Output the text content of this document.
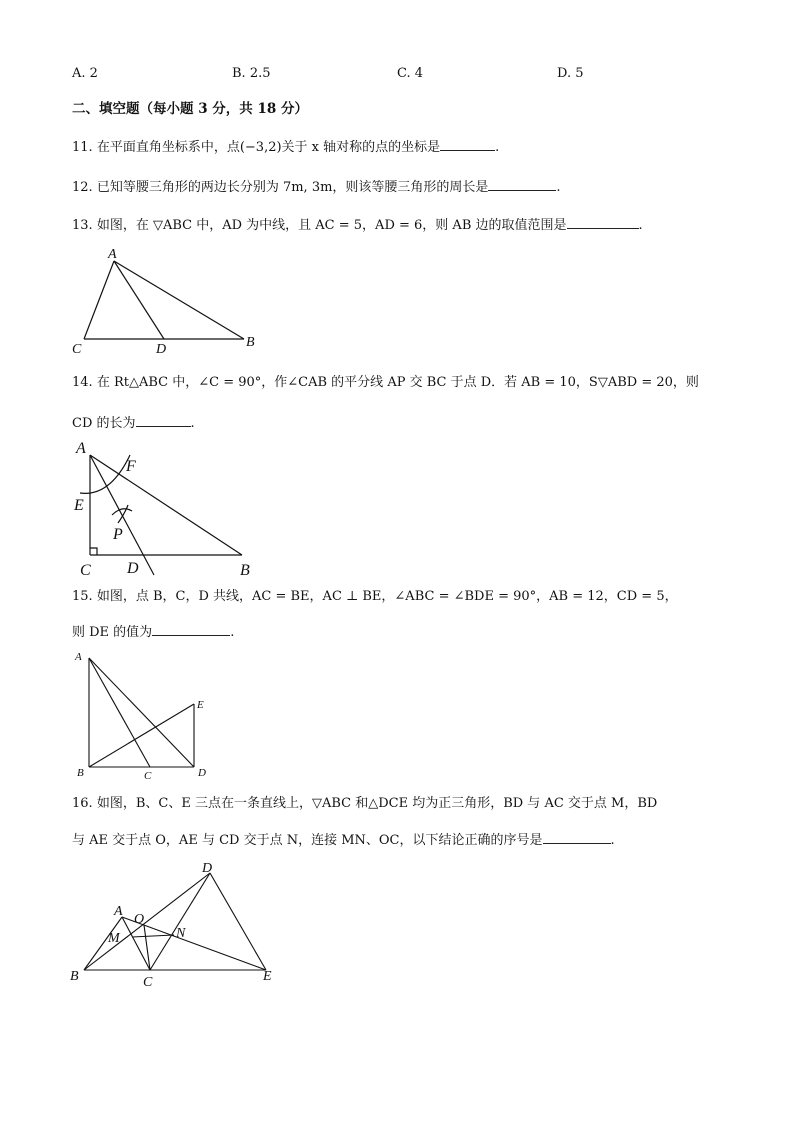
A. 2	B. 2.5	C. 4	D. 5
二、填空题（每小题 3 分，共 18 分）
11. 在平面直角坐标系中，点(−3,2)关于 x 轴对称的点的坐标是	.
12. 已知等腰三角形的两边长分别为 7m, 3m，则该等腰三角形的周长是	.
13. 如图，在 ▽ABC 中，AD 为中线，且 AC = 5，AD = 6，则 AB 边的取值范围是	.
A
C	D	B
14. 在 Rt△ABC 中，∠C = 90°，作∠CAB 的平分线 AP 交 BC 于点 D．若 AB = 10，S▽ABD = 20，则
CD 的长为	.
A
F
E
P
C D	B
15. 如图，点 B，C，D 共线，AC = BE，AC ⊥ BE，∠ABC = ∠BDE = 90°，AB = 12，CD = 5，
则 DE 的值为	.
A
E
B	C	D
16. 如图，B、C、E 三点在一条直线上，▽ABC 和△DCE 均为正三角形，BD 与 AC 交于点 M，BD
与 AE 交于点 O，AE 与 CD 交于点 N，连接 MN、OC，以下结论正确的序号是	.
A
O
M	N
D
B	C	E
